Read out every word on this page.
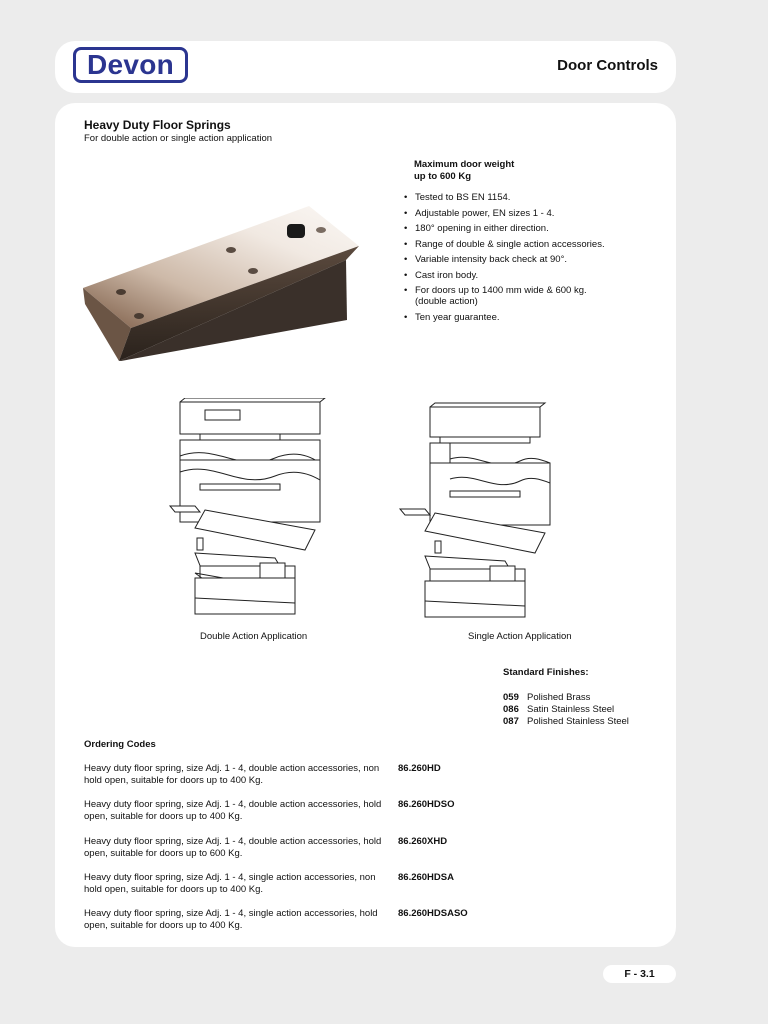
Devon	Door Controls
Heavy Duty Floor Springs
For double action or single action application
Maximum door weight
up to 600 Kg
• Tested to BS EN 1154.
• Adjustable power, EN sizes 1 - 4.
• 180° opening in either direction.
• Range of double & single action accessories.
• Variable intensity back check at 90°.
• Cast iron body.
• For doors up to 1400 mm wide & 600 kg.
(double action)
• Ten year guarantee.
Double Action Application	Single Action Application
Standard Finishes:
059 Polished Brass
086 Satin Stainless Steel
087 Polished Stainless Steel
Ordering Codes
Heavy duty floor spring, size Adj. 1 - 4, double action accessories, non hold open, suitable for doors up to 400 Kg.
86.260HD
Heavy duty floor spring, size Adj. 1 - 4, double action accessories, hold open, suitable for doors up to 400 Kg.
86.260HDSO
Heavy duty floor spring, size Adj. 1 - 4, double action accessories, hold open, suitable for doors up to 600 Kg.
86.260XHD
Heavy duty floor spring, size Adj. 1 - 4, single action accessories, non hold open, suitable for doors up to 400 Kg.
86.260HDSA
Heavy duty floor spring, size Adj. 1 - 4, single action accessories, hold open, suitable for doors up to 400 Kg.
86.260HDSASO
F - 3.1
